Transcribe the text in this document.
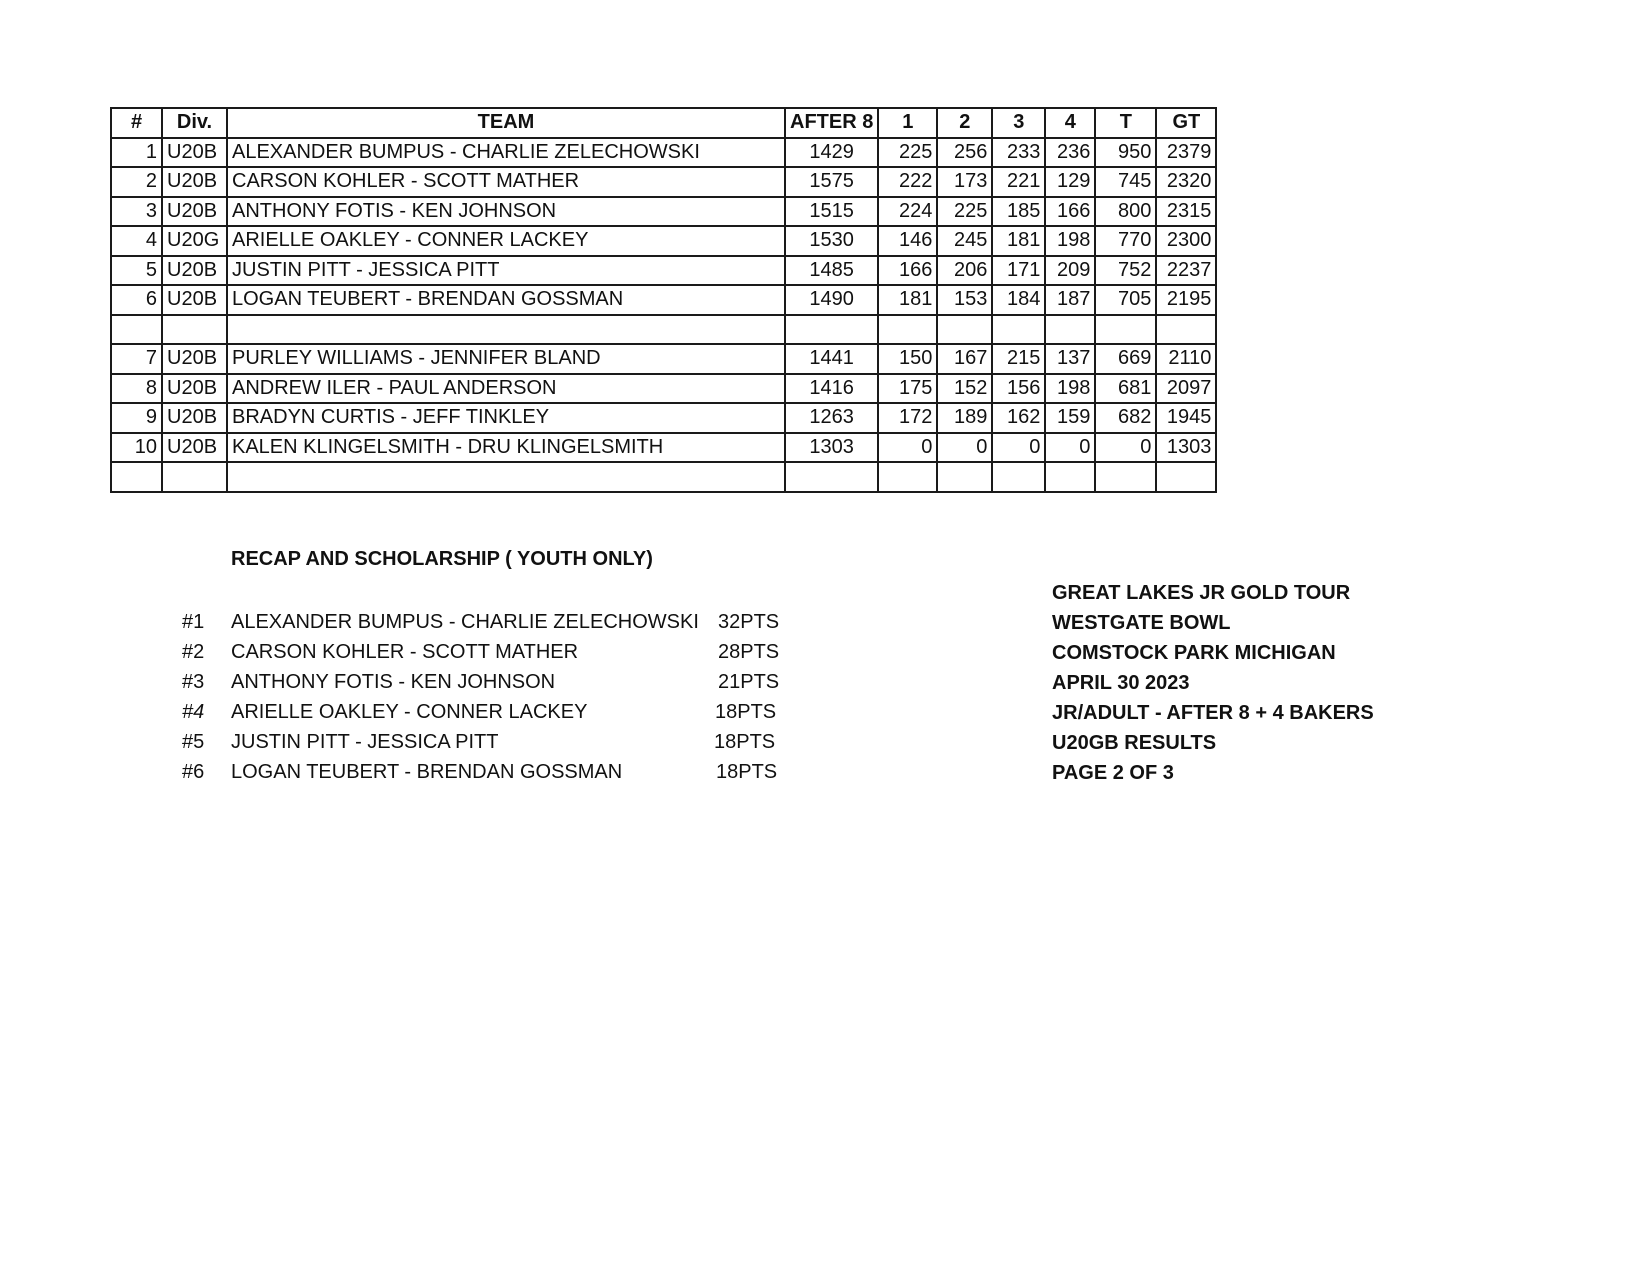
#	Div.	TEAM	AFTER 8	1	2	3	4	T	GT
1	U20B	ALEXANDER BUMPUS - CHARLIE ZELECHOWSKI	1429	225	256	233	236	950	2379
2	U20B	CARSON KOHLER - SCOTT MATHER	1575	222	173	221	129	745	2320
3	U20B	ANTHONY FOTIS - KEN JOHNSON	1515	224	225	185	166	800	2315
4	U20G	ARIELLE OAKLEY - CONNER LACKEY	1530	146	245	181	198	770	2300
5	U20B	JUSTIN PITT - JESSICA PITT	1485	166	206	171	209	752	2237
6	U20B	LOGAN TEUBERT - BRENDAN GOSSMAN	1490	181	153	184	187	705	2195

7	U20B	PURLEY WILLIAMS - JENNIFER BLAND	1441	150	167	215	137	669	2110
8	U20B	ANDREW ILER - PAUL ANDERSON	1416	175	152	156	198	681	2097
9	U20B	BRADYN CURTIS - JEFF TINKLEY	1263	172	189	162	159	682	1945
10	U20B	KALEN KLINGELSMITH - DRU KLINGELSMITH	1303	0	0	0	0	0	1303

RECAP AND SCHOLARSHIP ( YOUTH ONLY)
#1 ALEXANDER BUMPUS - CHARLIE ZELECHOWSKI 32PTS
#2 CARSON KOHLER - SCOTT MATHER	28PTS
#3 ANTHONY FOTIS - KEN JOHNSON	21PTS
#4 ARIELLE OAKLEY - CONNER LACKEY	18PTS
#5 JUSTIN PITT - JESSICA PITT	18PTS
#6 LOGAN TEUBERT - BRENDAN GOSSMAN	18PTS
GREAT LAKES JR GOLD TOUR
WESTGATE BOWL
COMSTOCK PARK MICHIGAN
APRIL 30 2023
JR/ADULT - AFTER 8 + 4 BAKERS
U20GB RESULTS
PAGE 2 OF 3
